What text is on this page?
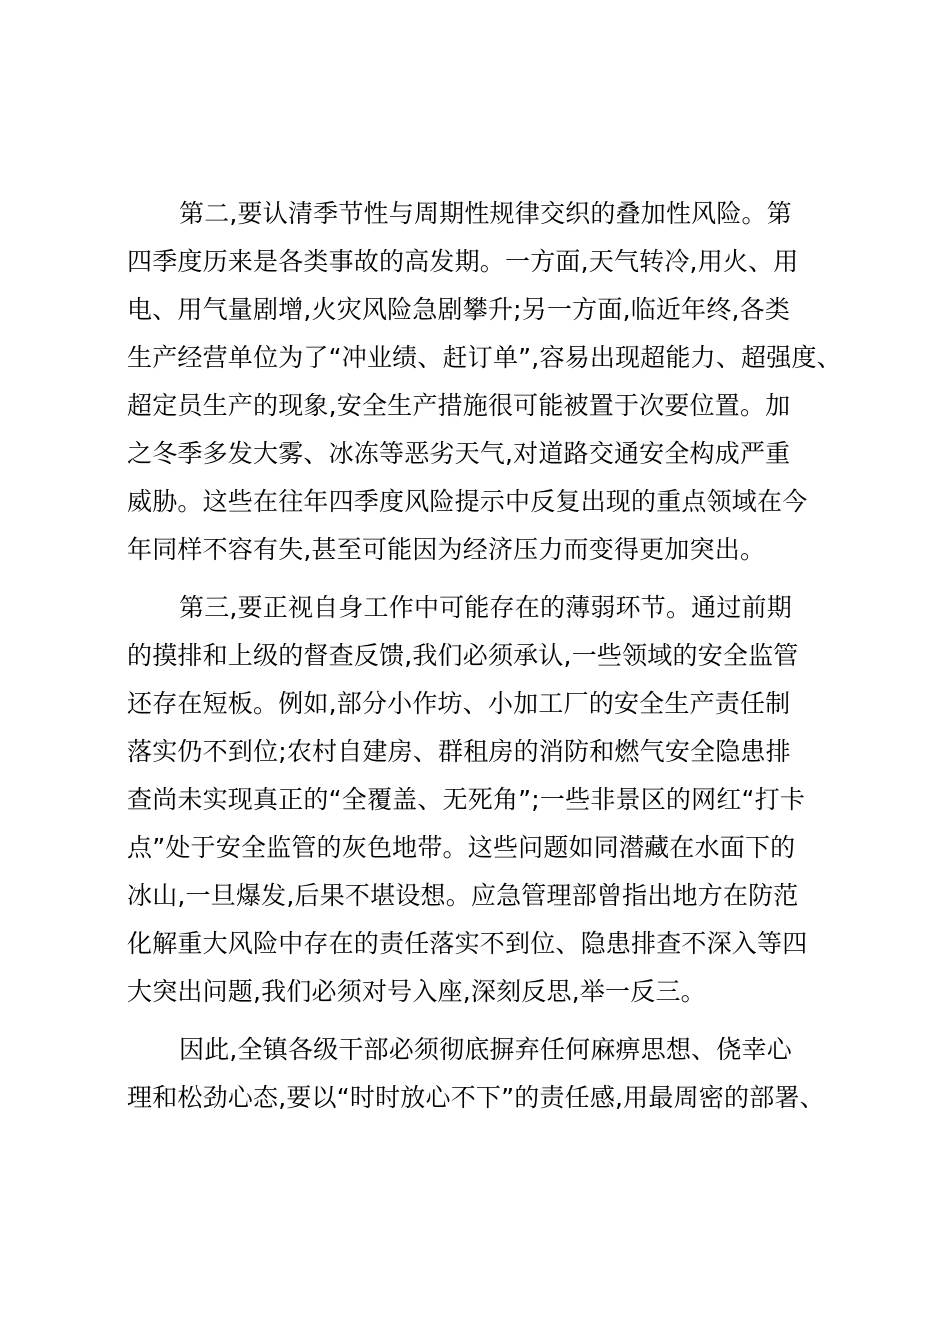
第二,要认清季节性与周期性规律交织的叠加性风险。第
四季度历来是各类事故的高发期。一方面,天气转冷,用火、用
电、用气量剧增,火灾风险急剧攀升;另一方面,临近年终,各类
生产经营单位为了“冲业绩、赶订单”,容易出现超能力、超强度、
超定员生产的现象,安全生产措施很可能被置于次要位置。加
之冬季多发大雾、冰冻等恶劣天气,对道路交通安全构成严重
威胁。这些在往年四季度风险提示中反复出现的重点领域在今
年同样不容有失,甚至可能因为经济压力而变得更加突出。
第三,要正视自身工作中可能存在的薄弱环节。通过前期
的摸排和上级的督查反馈,我们必须承认,一些领域的安全监管
还存在短板。例如,部分小作坊、小加工厂的安全生产责任制
落实仍不到位;农村自建房、群租房的消防和燃气安全隐患排
查尚未实现真正的“全覆盖、无死角”;一些非景区的网红“打卡
点”处于安全监管的灰色地带。这些问题如同潜藏在水面下的
冰山,一旦爆发,后果不堪设想。应急管理部曾指出地方在防范
化解重大风险中存在的责任落实不到位、隐患排查不深入等四
大突出问题,我们必须对号入座,深刻反思,举一反三。
因此,全镇各级干部必须彻底摒弃任何麻痹思想、侥幸心
理和松劲心态,要以“时时放心不下”的责任感,用最周密的部署、
